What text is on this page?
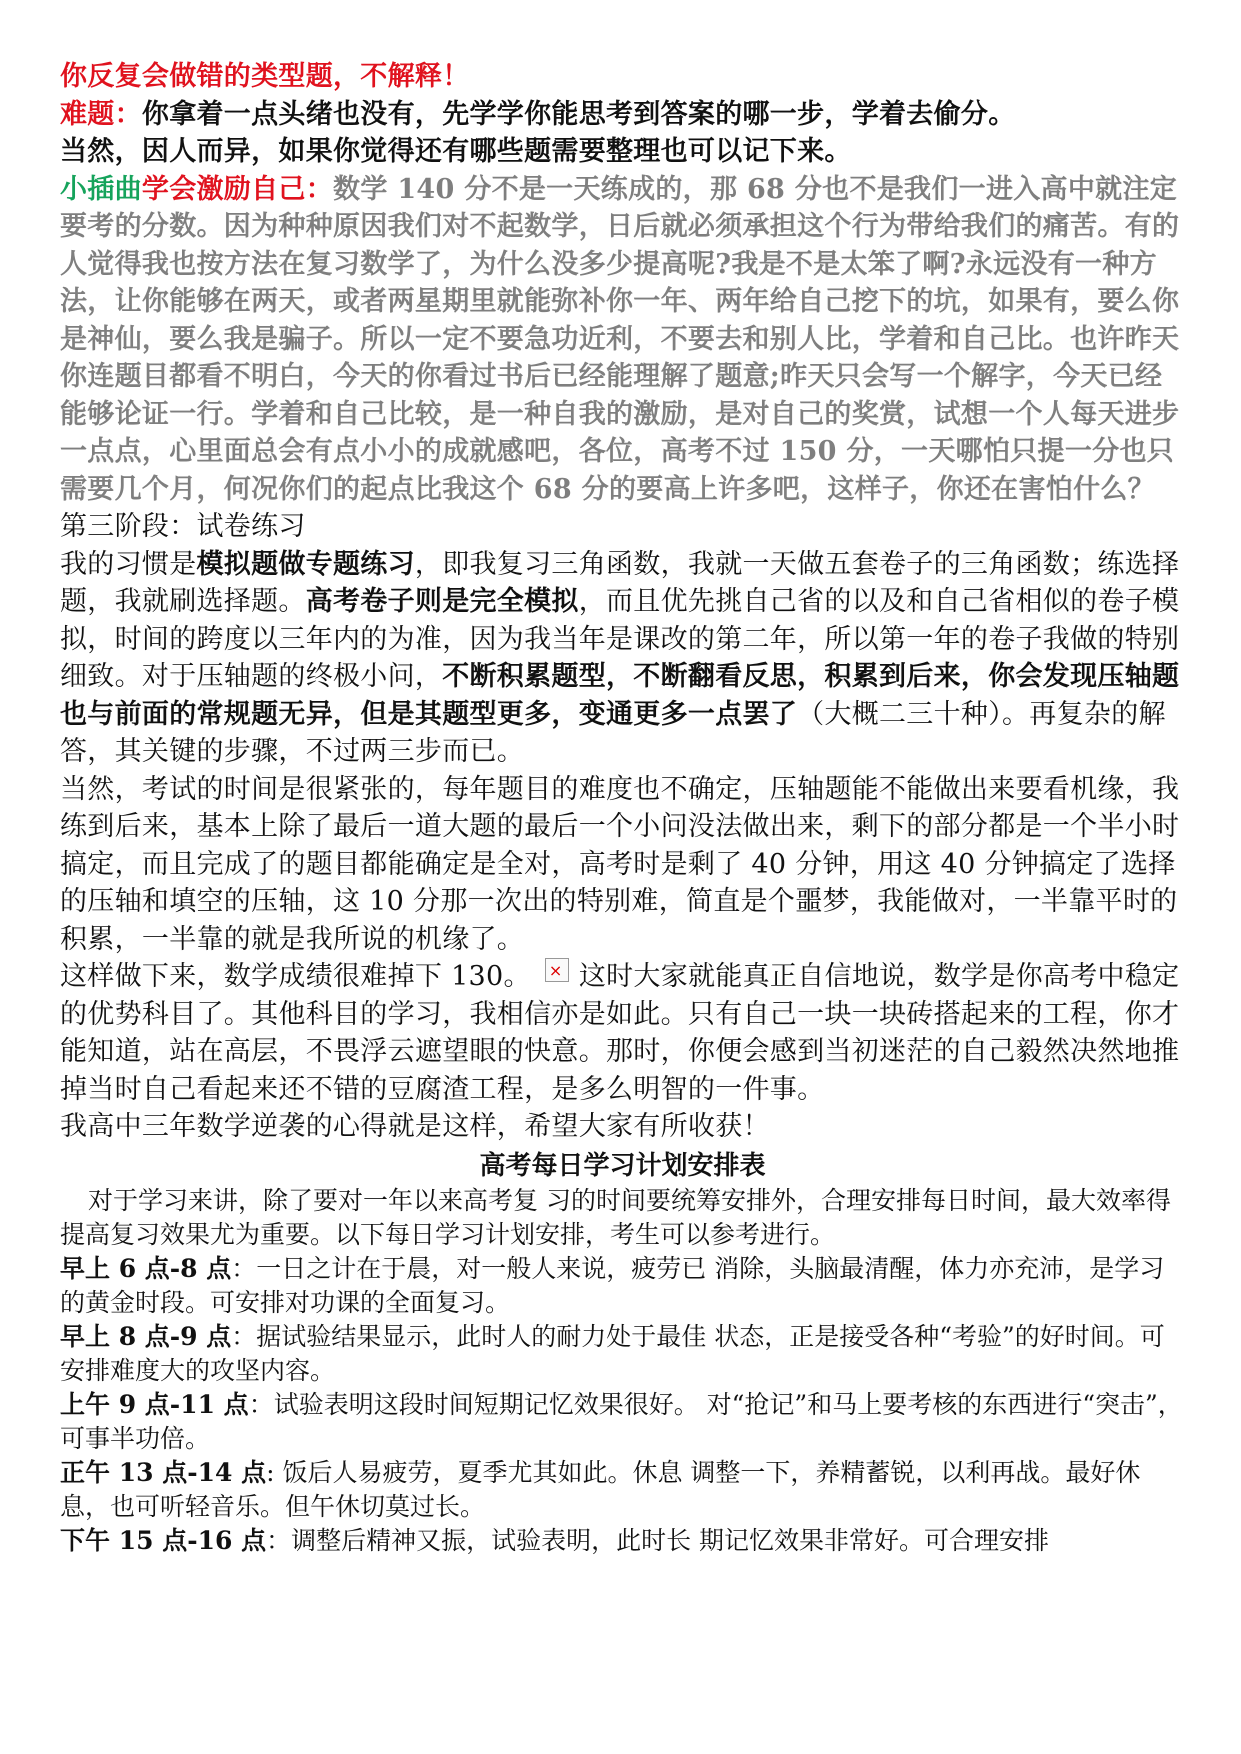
你反复会做错的类型题，不解释！

难题：你拿着一点头绪也没有，先学学你能思考到答案的哪一步，学着去偷分。

当然，因人而异，如果你觉得还有哪些题需要整理也可以记下来。

小插曲学会激励自己：数学 140 分不是一天练成的，那 68 分也不是我们一进入高中就注定要考的分数。因为种种原因我们对不起数学，日后就必须承担这个行为带给我们的痛苦。有的人觉得我也按方法在复习数学了，为什么没多少提高呢?我是不是太笨了啊?永远没有一种方法，让你能够在两天，或者两星期里就能弥补你一年、两年给自己挖下的坑，如果有，要么你是神仙，要么我是骗子。所以一定不要急功近利，不要去和别人比，学着和自己比。也许昨天你连题目都看不明白，今天的你看过书后已经能理解了题意;昨天只会写一个解字，今天已经能够论证一行。学着和自己比较，是一种自我的激励，是对自己的奖赏，试想一个人每天进步一点点，心里面总会有点小小的成就感吧，各位，高考不过 150 分，一天哪怕只提一分也只需要几个月，何况你们的起点比我这个 68 分的要高上许多吧，这样子，你还在害怕什么？

第三阶段：试卷练习

我的习惯是模拟题做专题练习，即我复习三角函数，我就一天做五套卷子的三角函数；练选择题，我就刷选择题。高考卷子则是完全模拟，而且优先挑自己省的以及和自己省相似的卷子模拟，时间的跨度以三年内的为准，因为我当年是课改的第二年，所以第一年的卷子我做的特别细致。对于压轴题的终极小问，不断积累题型，不断翻看反思，积累到后来，你会发现压轴题也与前面的常规题无异，但是其题型更多，变通更多一点罢了（大概二三十种）。再复杂的解答，其关键的步骤，不过两三步而已。

当然，考试的时间是很紧张的，每年题目的难度也不确定，压轴题能不能做出来要看机缘，我练到后来，基本上除了最后一道大题的最后一个小问没法做出来，剩下的部分都是一个半小时搞定，而且完成了的题目都能确定是全对，高考时是剩了 40 分钟，用这 40 分钟搞定了选择的压轴和填空的压轴，这 10 分那一次出的特别难，简直是个噩梦，我能做对，一半靠平时的积累，一半靠的就是我所说的机缘了。

这样做下来，数学成绩很难掉下 130。× 这时大家就能真正自信地说，数学是你高考中稳定的优势科目了。其他科目的学习，我相信亦是如此。只有自己一块一块砖搭起来的工程，你才能知道，站在高层，不畏浮云遮望眼的快意。那时，你便会感到当初迷茫的自己毅然决然地推掉当时自己看起来还不错的豆腐渣工程，是多么明智的一件事。

我高中三年数学逆袭的心得就是这样，希望大家有所收获！

高考每日学习计划安排表

对于学习来讲，除了要对一年以来高考复 习的时间要统筹安排外，合理安排每日时间，最大效率得提高复习效果尤为重要。以下每日学习计划安排，考生可以参考进行。

早上 6 点-8 点：一日之计在于晨，对一般人来说，疲劳已 消除，头脑最清醒，体力亦充沛，是学习的黄金时段。可安排对功课的全面复习。

早上 8 点-9 点：据试验结果显示，此时人的耐力处于最佳 状态，正是接受各种“考验”的好时间。可安排难度大的攻坚内容。

上午 9 点-11 点：试验表明这段时间短期记忆效果很好。 对“抢记”和马上要考核的东西进行“突击”，可事半功倍。

正午 13 点-14 点: 饭后人易疲劳，夏季尤其如此。休息 调整一下，养精蓄锐，以利再战。最好休息，也可听轻音乐。但午休切莫过长。

下午 15 点-16 点：调整后精神又振，试验表明，此时长 期记忆效果非常好。可合理安排
